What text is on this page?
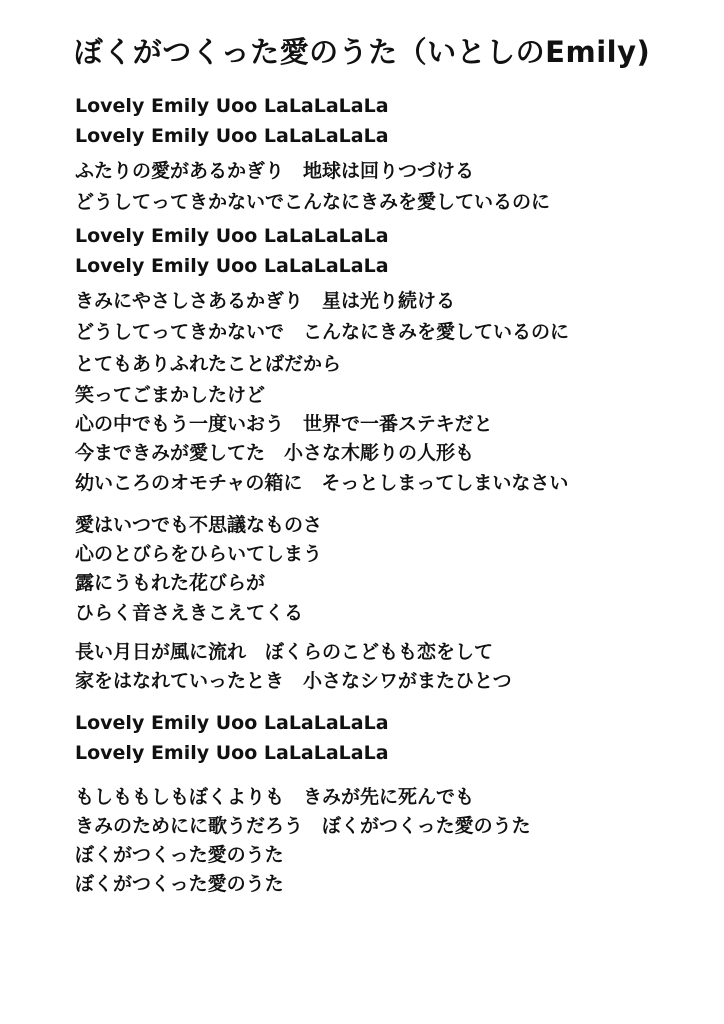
ぼくがつくった愛のうた（いとしのEmily)
Lovely Emily Uoo LaLaLaLaLa
Lovely Emily Uoo LaLaLaLaLa
ふたりの愛があるかぎり　地球は回りつづける
どうしてってきかないでこんなにきみを愛しているのに
Lovely Emily Uoo LaLaLaLaLa
Lovely Emily Uoo LaLaLaLaLa
きみにやさしさあるかぎり　星は光り続ける
どうしてってきかないで　こんなにきみを愛しているのに
とてもありふれたことばだから
笑ってごまかしたけど
心の中でもう一度いおう　世界で一番ステキだと
今まできみが愛してた　小さな木彫りの人形も
幼いころのオモチャの箱に　そっとしまってしまいなさい
愛はいつでも不思議なものさ
心のとびらをひらいてしまう
露にうもれた花びらが
ひらく音さえきこえてくる
長い月日が風に流れ　ぼくらのこどもも恋をして
家をはなれていったとき　小さなシワがまたひとつ
Lovely Emily Uoo LaLaLaLaLa
Lovely Emily Uoo LaLaLaLaLa
もしももしもぼくよりも　きみが先に死んでも
きみのためにに歌うだろう　ぼくがつくった愛のうた
ぼくがつくった愛のうた
ぼくがつくった愛のうた
